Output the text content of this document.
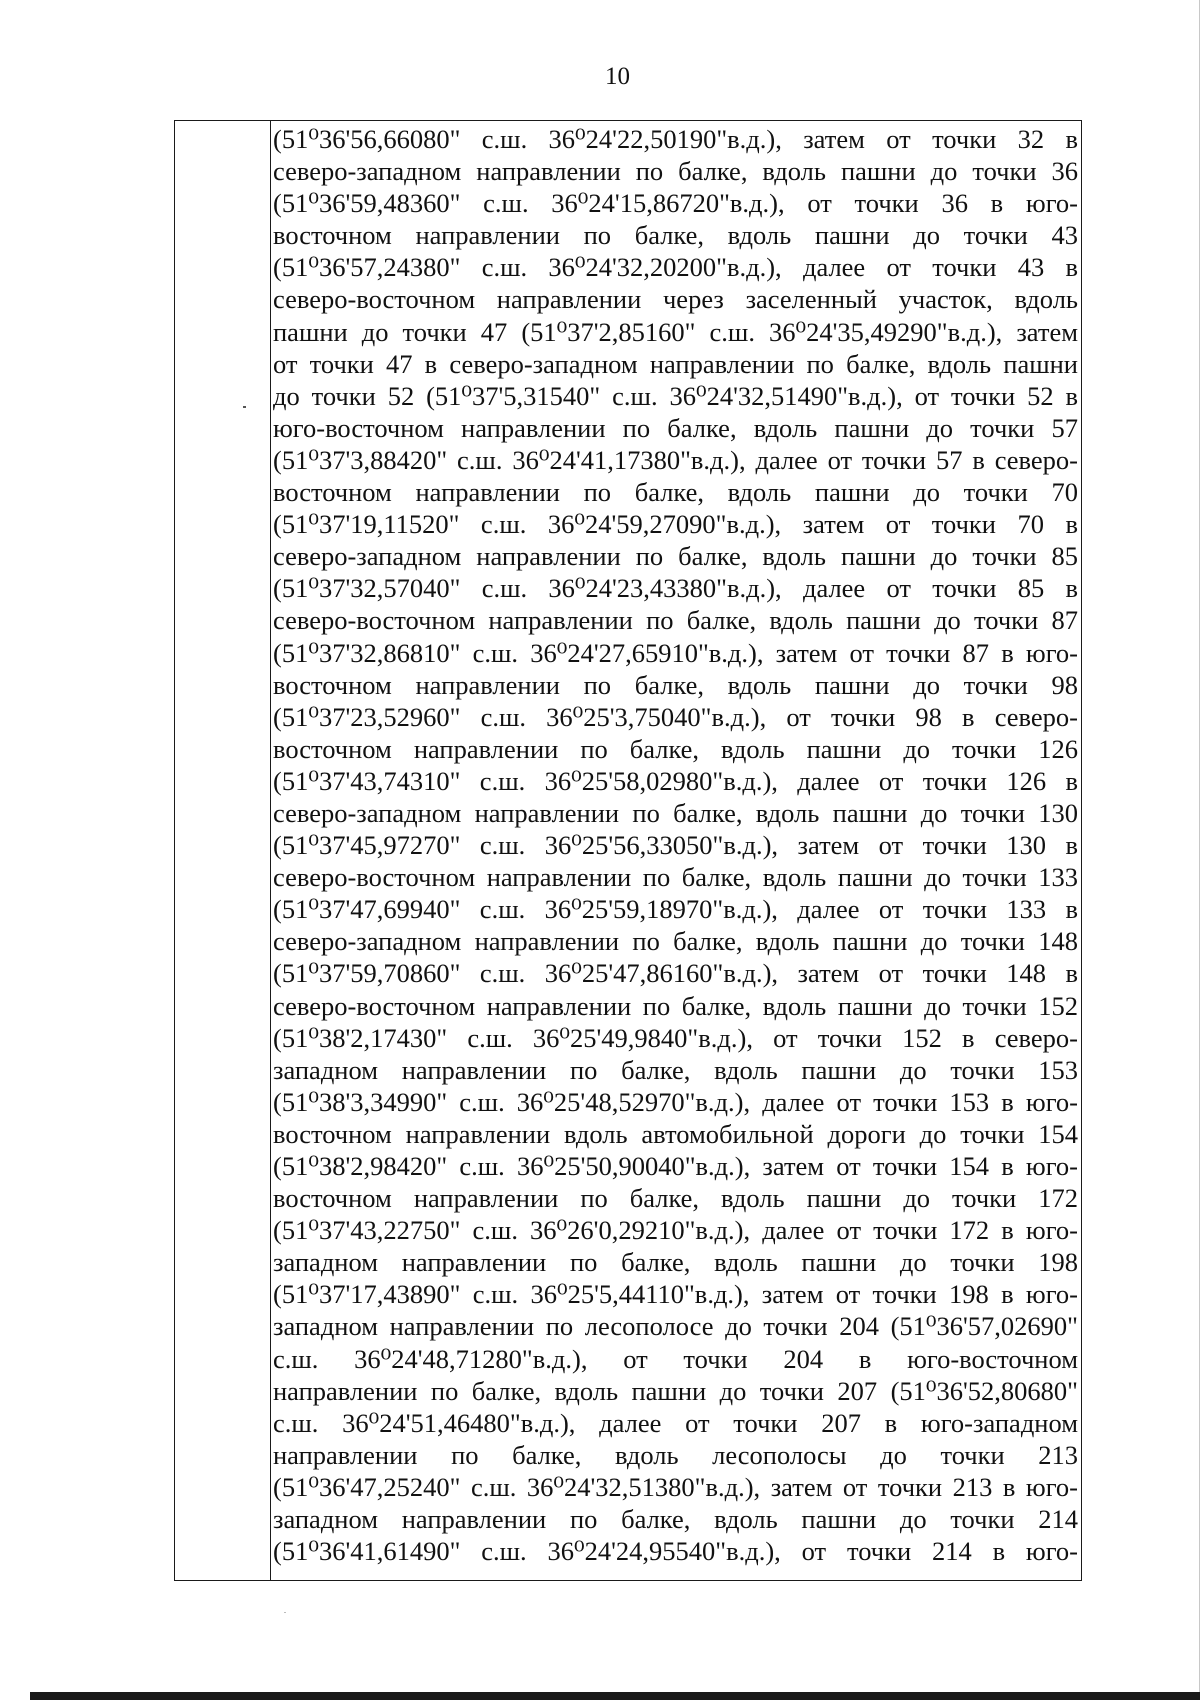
10
(51⁰36'56,66080" с.ш. 36⁰24'22,50190"в.д.), затем от точки 32 в
северо-западном направлении по балке, вдоль пашни до точки 36
(51⁰36'59,48360" с.ш. 36⁰24'15,86720"в.д.), от точки 36 в юго-
восточном направлении по балке, вдоль пашни до точки 43
(51⁰36'57,24380" с.ш. 36⁰24'32,20200"в.д.), далее от точки 43 в
северо-восточном направлении через заселенный участок, вдоль
пашни до точки 47 (51⁰37'2,85160" с.ш. 36⁰24'35,49290"в.д.), затем
от точки 47 в северо-западном направлении по балке, вдоль пашни
до точки 52 (51⁰37'5,31540" с.ш. 36⁰24'32,51490"в.д.), от точки 52 в
юго-восточном направлении по балке, вдоль пашни до точки 57
(51⁰37'3,88420" с.ш. 36⁰24'41,17380"в.д.), далее от точки 57 в северо-
восточном направлении по балке, вдоль пашни до точки 70
(51⁰37'19,11520" с.ш. 36⁰24'59,27090"в.д.), затем от точки 70 в
северо-западном направлении по балке, вдоль пашни до точки 85
(51⁰37'32,57040" с.ш. 36⁰24'23,43380"в.д.), далее от точки 85 в
северо-восточном направлении по балке, вдоль пашни до точки 87
(51⁰37'32,86810" с.ш. 36⁰24'27,65910"в.д.), затем от точки 87 в юго-
восточном направлении по балке, вдоль пашни до точки 98
(51⁰37'23,52960" с.ш. 36⁰25'3,75040"в.д.), от точки 98 в северо-
восточном направлении по балке, вдоль пашни до точки 126
(51⁰37'43,74310" с.ш. 36⁰25'58,02980"в.д.), далее от точки 126 в
северо-западном направлении по балке, вдоль пашни до точки 130
(51⁰37'45,97270" с.ш. 36⁰25'56,33050"в.д.), затем от точки 130 в
северо-восточном направлении по балке, вдоль пашни до точки 133
(51⁰37'47,69940" с.ш. 36⁰25'59,18970"в.д.), далее от точки 133 в
северо-западном направлении по балке, вдоль пашни до точки 148
(51⁰37'59,70860" с.ш. 36⁰25'47,86160"в.д.), затем от точки 148 в
северо-восточном направлении по балке, вдоль пашни до точки 152
(51⁰38'2,17430" с.ш. 36⁰25'49,9840"в.д.), от точки 152 в северо-
западном направлении по балке, вдоль пашни до точки 153
(51⁰38'3,34990" с.ш. 36⁰25'48,52970"в.д.), далее от точки 153 в юго-
восточном направлении вдоль автомобильной дороги до точки 154
(51⁰38'2,98420" с.ш. 36⁰25'50,90040"в.д.), затем от точки 154 в юго-
восточном направлении по балке, вдоль пашни до точки 172
(51⁰37'43,22750" с.ш. 36⁰26'0,29210"в.д.), далее от точки 172 в юго-
западном направлении по балке, вдоль пашни до точки 198
(51⁰37'17,43890" с.ш. 36⁰25'5,44110"в.д.), затем от точки 198 в юго-
западном направлении по лесополосе до точки 204 (51⁰36'57,02690"
с.ш. 36⁰24'48,71280"в.д.), от точки 204 в юго-восточном
направлении по балке, вдоль пашни до точки 207 (51⁰36'52,80680"
с.ш. 36⁰24'51,46480"в.д.), далее от точки 207 в юго-западном
направлении по балке, вдоль лесополосы до точки 213
(51⁰36'47,25240" с.ш. 36⁰24'32,51380"в.д.), затем от точки 213 в юго-
западном направлении по балке, вдоль пашни до точки 214
(51⁰36'41,61490" с.ш. 36⁰24'24,95540"в.д.), от точки 214 в юго-
